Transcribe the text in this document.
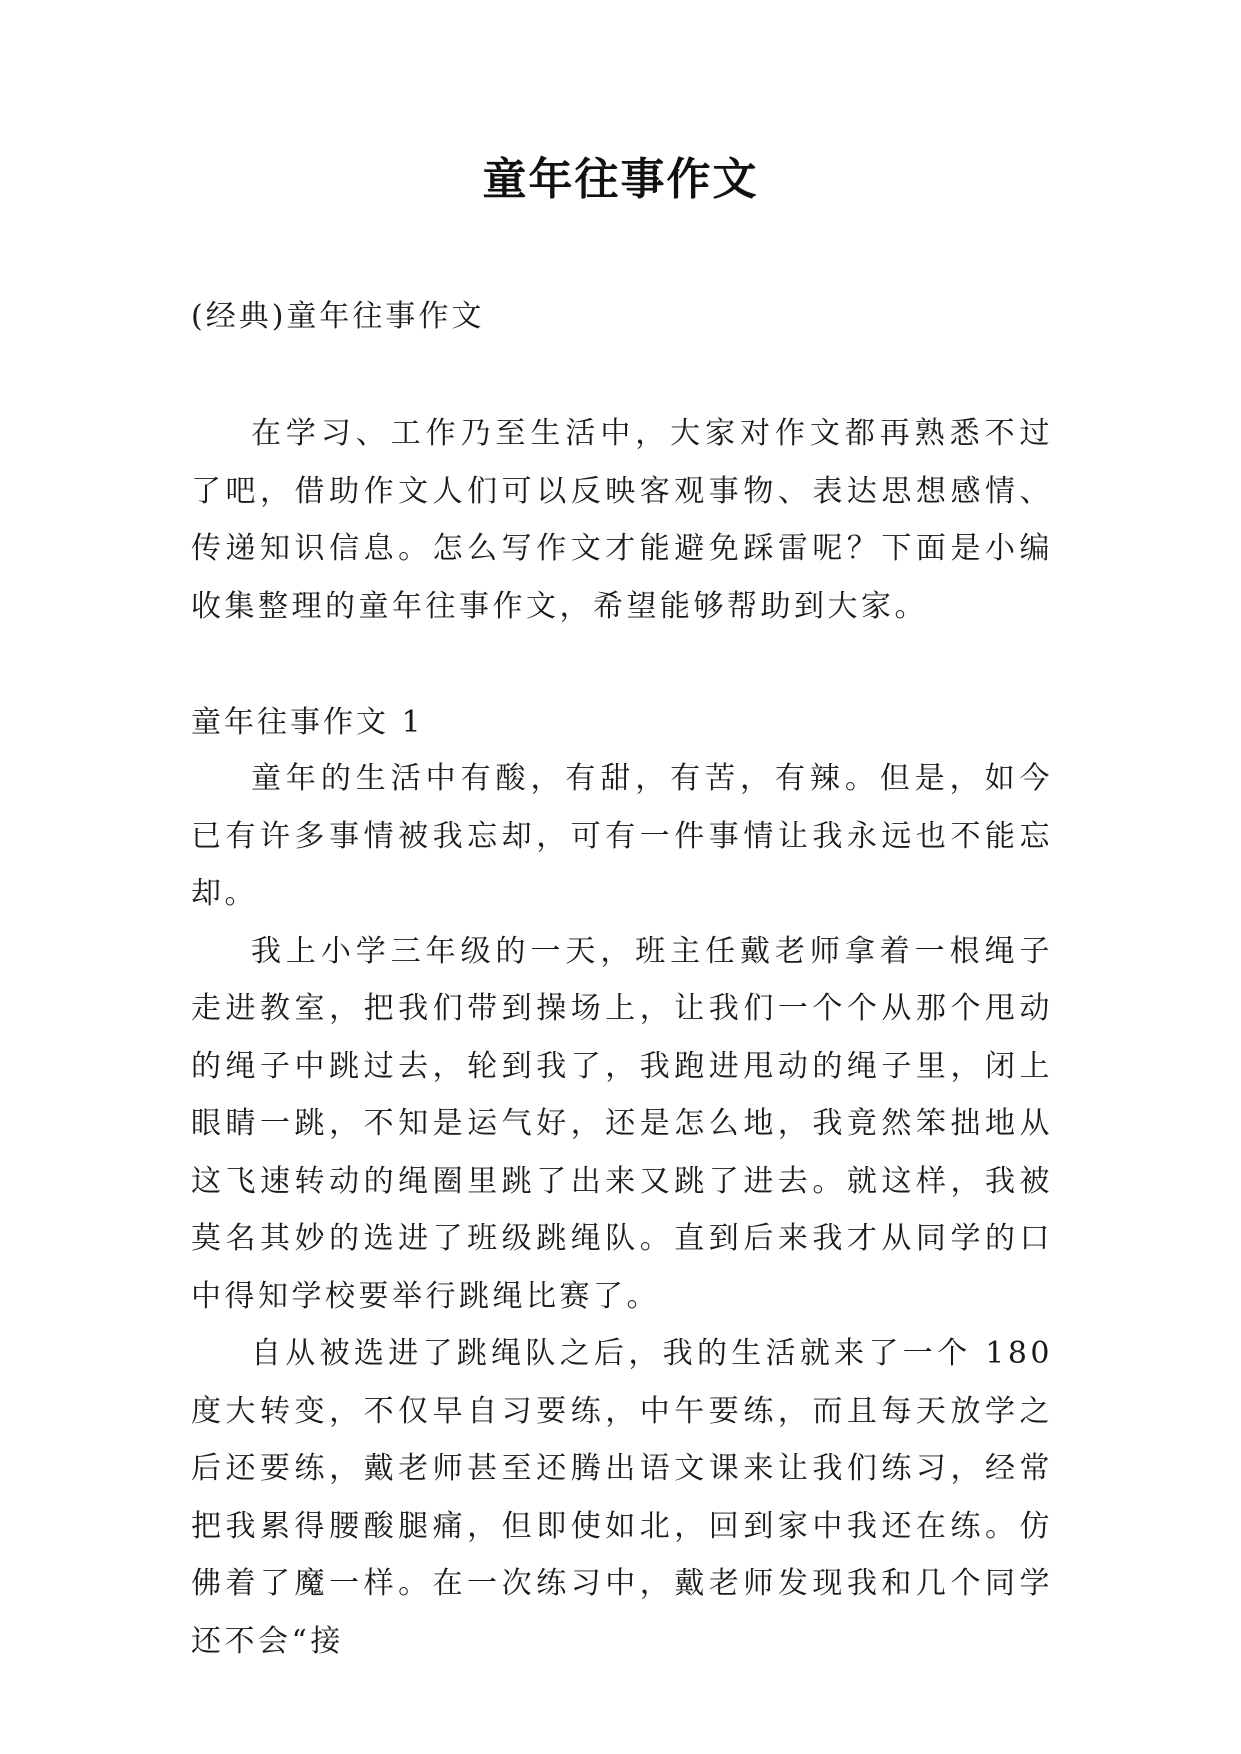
童年往事作文
(经典)童年往事作文

在学习、工作乃至生活中，大家对作文都再熟悉不过了吧，借助作文人们可以反映客观事物、表达思想感情、传递知识信息。怎么写作文才能避免踩雷呢？下面是小编收集整理的童年往事作文，希望能够帮助到大家。

童年往事作文 1

童年的生活中有酸，有甜，有苦，有辣。但是，如今已有许多事情被我忘却，可有一件事情让我永远也不能忘却。

我上小学三年级的一天，班主任戴老师拿着一根绳子走进教室，把我们带到操场上，让我们一个个从那个甩动的绳子中跳过去，轮到我了，我跑进甩动的绳子里，闭上眼睛一跳，不知是运气好，还是怎么地，我竟然笨拙地从这飞速转动的绳圈里跳了出来又跳了进去。就这样，我被莫名其妙的选进了班级跳绳队。直到后来我才从同学的口中得知学校要举行跳绳比赛了。

自从被选进了跳绳队之后，我的生活就来了一个 180 度大转变，不仅早自习要练，中午要练，而且每天放学之后还要练，戴老师甚至还腾出语文课来让我们练习，经常把我累得腰酸腿痛，但即使如北，回到家中我还在练。仿佛着了魔一样。在一次练习中，戴老师发现我和几个同学还不会“接
